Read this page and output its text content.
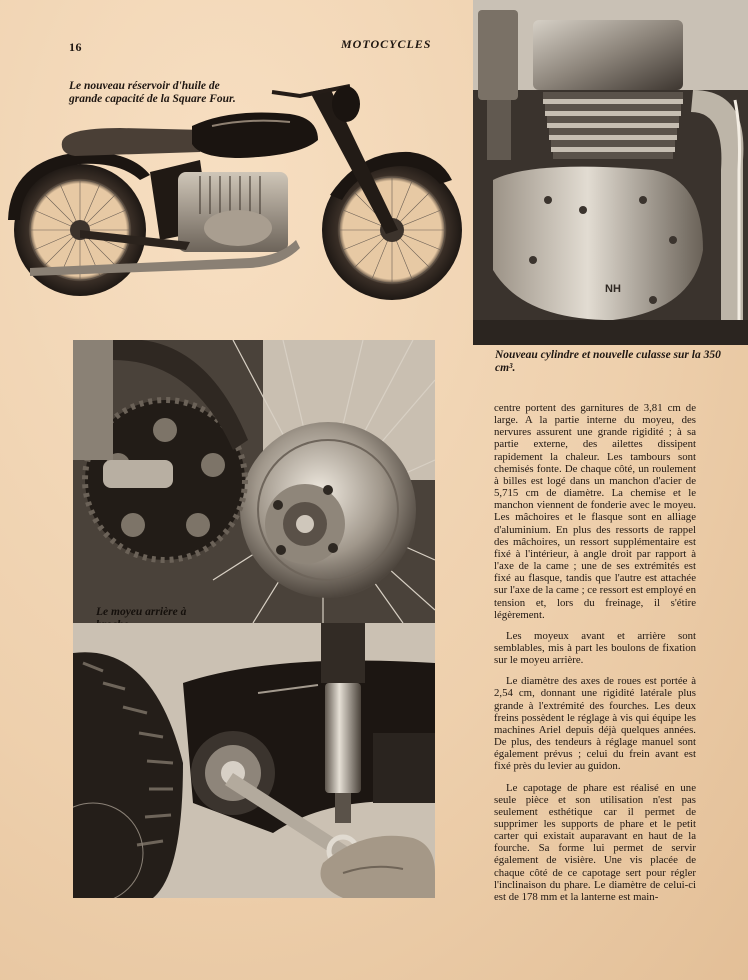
16	MOTOCYCLES
NH
Le moyeu arrière à
Le nouveau réservoir d'huile de grande capacité de la Square Four.
Nouveau cylindre et nouvelle culasse sur la 350 cm³.

centre portent des garnitures de 3,81 cm de large. A la partie interne du moyeu, des nervures assurent une grande rigidité ; à sa partie externe, des ailettes dissipent rapidement la chaleur. Les tambours sont chemisés fonte. De chaque côté, un roulement à billes est logé dans un manchon d'acier de 5,715 cm de diamètre. La chemise et le manchon viennent de fonderie avec le moyeu. Les mâchoires et le flasque sont en alliage d'aluminium. En plus des ressorts de rappel des mâchoires, un ressort supplémentaire est fixé à l'intérieur, à angle droit par rapport à l'axe de la came ; une de ses extrémités est fixé au flasque, tandis que l'autre est attachée sur l'axe de la came ; ce ressort est employé en tension et, lors du freinage, il s'étire légèrement.

Les moyeux avant et arrière sont semblables, mis à part les boulons de fixation sur le moyeu arrière.

Le diamètre des axes de roues est portée à 2,54 cm, donnant une rigidité latérale plus grande à l'extrémité des fourches. Les deux freins possèdent le réglage à vis qui équipe les machines Ariel depuis déjà quelques années. De plus, des tendeurs à réglage manuel sont également prévus ; celui du frein avant est fixé près du levier au guidon.

Le capotage de phare est réalisé en une seule pièce et son utilisation n'est pas seulement esthétique car il permet de supprimer les supports de phare et le petit carter qui existait auparavant en haut de la fourche. Sa forme lui permet de servir également de visière. Une vis placée de chaque côté de ce capotage sert pour régler l'inclinaison du phare. Le diamètre de celui-ci est de 178 mm et la lanterne est main-
